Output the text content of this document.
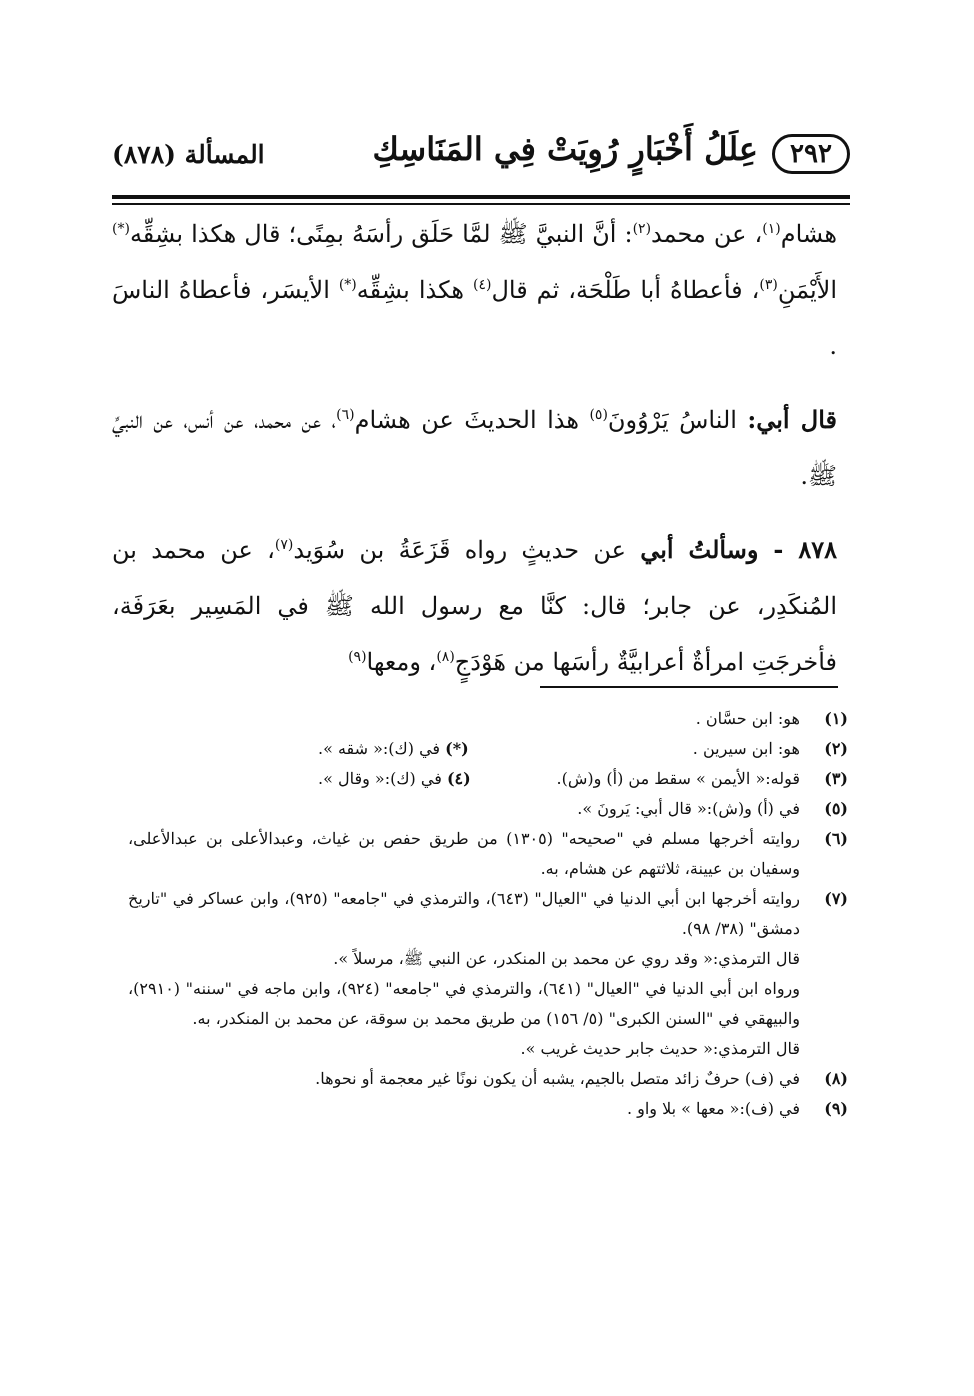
٢٩٢
عِلَلُ أَخْبَارٍ رُوِيَتْ فِي المَنَاسِكِ
المسألة (٨٧٨)

هشام$^{(١)}$، عن محمد$^{(٢)}$: أنَّ النبيَّ ﷺ لمَّا حَلَق رأسَهُ بمِنًى؛ قال هكذا بشِقِّه(*) الأَيْمَنِ$^{(٣)}$، فأعطاهُ أبا طَلْحَة، ثم قال$^{(٤)}$ هكذا بشِقِّه(*) الأيسَر، فأعطاهُ الناسَ .

قال أبي: الناسُ يَرْوُونَ$^{(٥)}$ هذا الحديثَ عن هشام$^{(٦)}$، عن محمد، عن أنس، عن النبيِّ ﷺ.

٨٧٨ - وسألتُ أبي عن حديثٍ رواه قَزَعَةُ بن سُوَيد$^{(٧)}$، عن محمد بن المُنكَدِر، عن جابر؛ قال: كنَّا مع رسول الله ﷺ في المَسِير بعَرَفَة، فأخرجَتِ امرأةٌ أعرابيَّةٌ رأسَها من هَوْدَجٍ$^{(٨)}$، ومعها$^{(٩)}$

(١)
هو: ابن حسَّان .
(٢)
هو: ابن سيرين .
(*) في (ك):« شقه ».
(٣)
قوله:« الأيمن » سقط من (أ) و(ش).
(٤) في (ك):« وقال ».
(٥)
في (أ) و(ش):« قال أبي: يَرونَ ».
(٦)
روايته أخرجها مسلم في "صحيحه" (١٣٠٥) من طريق حفص بن غياث، وعبدالأعلى بن عبدالأعلى، وسفيان بن عيينة، ثلاثتهم عن هشام، به.
(٧)
روايته أخرجها ابن أبي الدنيا في "العيال" (٦٤٣)، والترمذي في "جامعه" (٩٢٥)، وابن عساكر في "تاريخ دمشق" (٣٨/ ٩٨).
قال الترمذي:« وقد روي عن محمد بن المنكدر، عن النبي ﷺ، مرسلاً ».
ورواه ابن أبي الدنيا في "العيال" (٦٤١)، والترمذي في "جامعه" (٩٢٤)، وابن ماجه في "سننه" (٢٩١٠)، والبيهقي في "السنن الكبرى" (٥/ ١٥٦) من طريق محمد بن سوقة، عن محمد بن المنكدر، به.
قال الترمذي:« حديث جابر حديث غريب ».
(٨)
في (ف) حرفٌ زائد متصل بالجيم، يشبه أن يكون نونًا غير معجمة أو نحوها.
(٩)
في (ف):« معها » بلا واو .
